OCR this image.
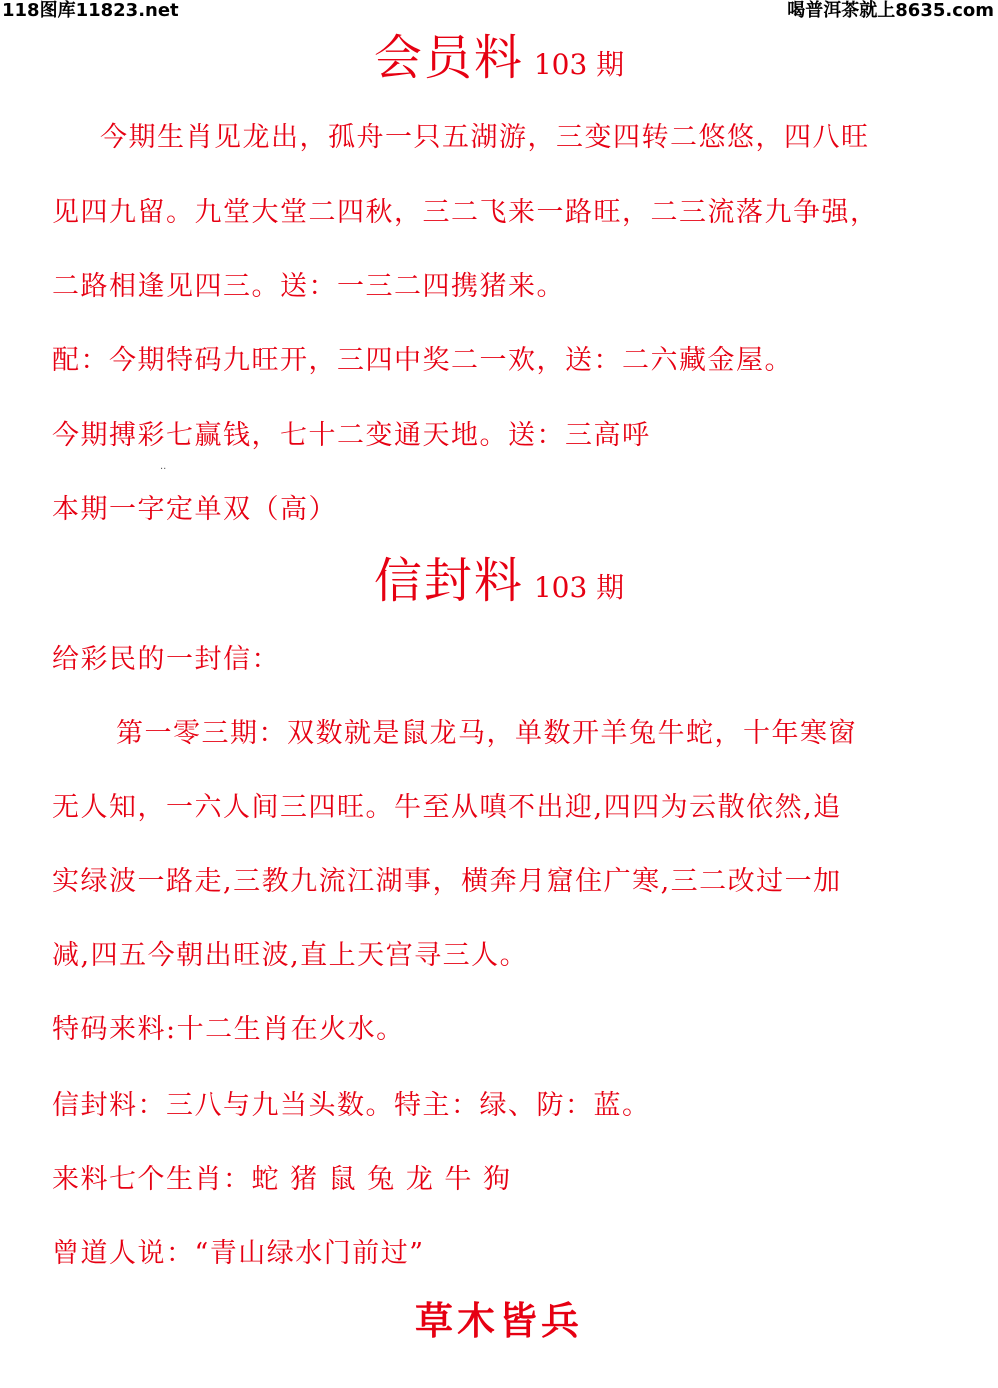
118图库11823.net	喝普洱茶就上8635.com
会员料 103 期
今期生肖见龙出，孤舟一只五湖游，三变四转二悠悠，四八旺
见四九留。九堂大堂二四秋，三二飞来一路旺，二三流落九争强，
二路相逢见四三。送：一三二四携猪来。
配：今期特码九旺开，三四中奖二一欢，送：二六藏金屋。
今期搏彩七赢钱，七十二变通天地。送：三高呼
··
本期一字定单双（高）
信封料 103 期
给彩民的一封信：
第一零三期：双数就是鼠龙马，单数开羊兔牛蛇，十年寒窗
无人知，一六人间三四旺。牛至从嗔不出迎,四四为云散依然,追
实绿波一路走,三教九流江湖事，横奔月窟住广寒,三二改过一加
减,四五今朝出旺波,直上天宫寻三人。
特码来料:十二生肖在火水。
信封料：三八与九当头数。特主：绿、防：蓝。
来料七个生肖：蛇 猪 鼠 兔 龙 牛 狗
曾道人说：“青山绿水门前过”
草木皆兵
